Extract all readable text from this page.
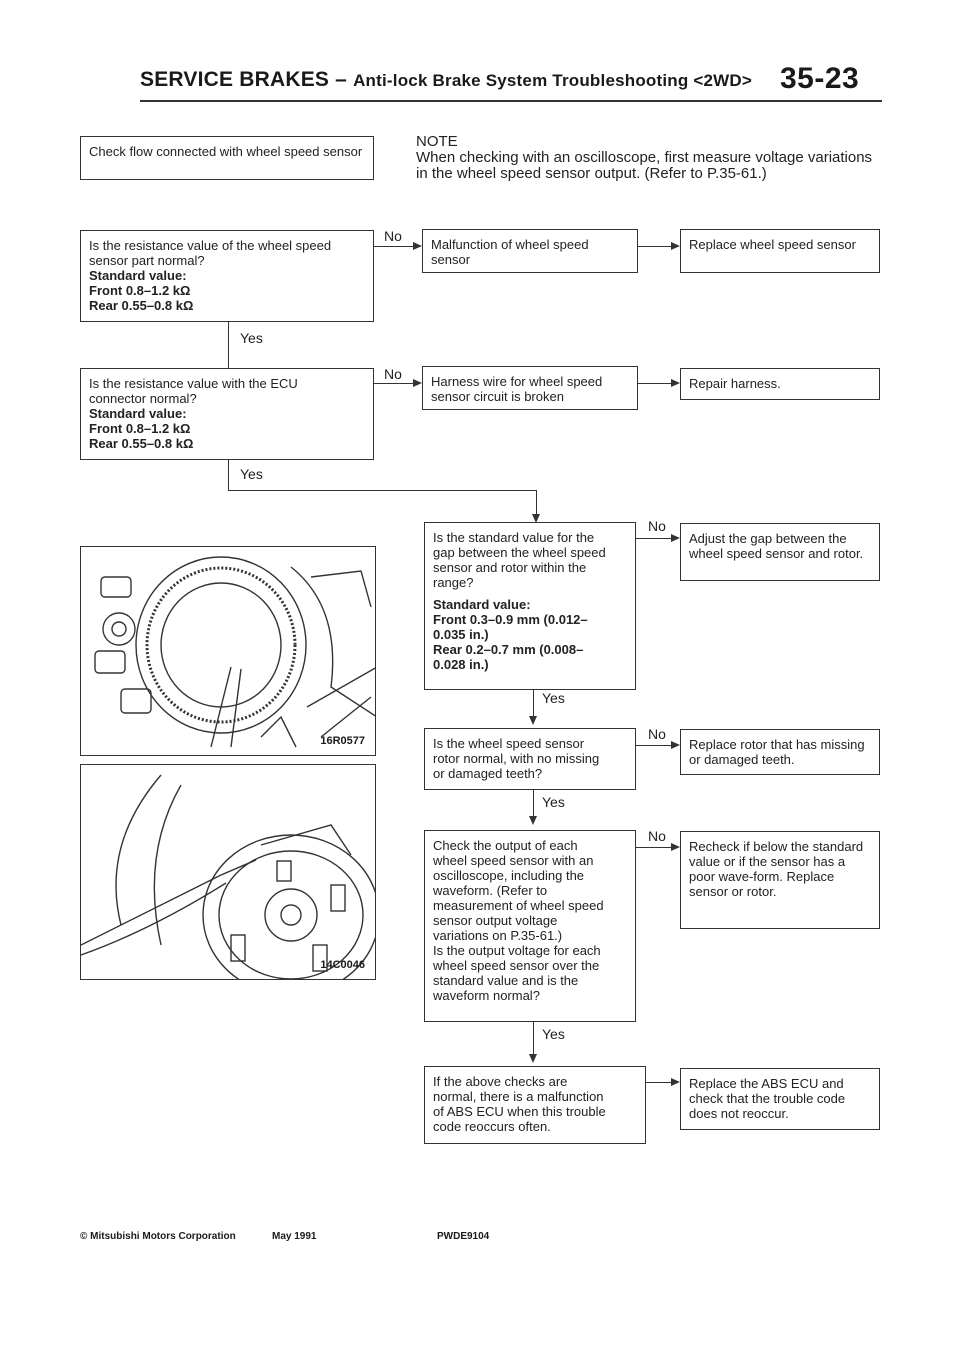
SERVICE BRAKES – Anti-lock Brake System Troubleshooting <2WD> 35-23
Check flow connected with wheel speed sensor
NOTE
When checking with an oscilloscope, first measure voltage variations in the wheel speed sensor output. (Refer to P.35-61.)
Is the resistance value of the wheel speed
sensor part normal?
Standard value:
Front 0.8–1.2 kΩ
Rear 0.55–0.8 kΩ
No
Malfunction of wheel speed sensor
Replace wheel speed sensor
Yes
Is the resistance value with the ECU
connector normal?
Standard value:
Front 0.8–1.2 kΩ
Rear 0.55–0.8 kΩ
No	Harness wire for wheel speed sensor circuit is broken
Repair harness.
Yes
16R0577
14C0046
Is the standard value for the
gap between the wheel speed
sensor and rotor within the
range?
Standard value:
Front 0.3–0.9 mm (0.012–
0.035 in.)
Rear 0.2–0.7 mm (0.008–
0.028 in.)
No
Adjust the gap between the wheel speed sensor and rotor.
Yes
Is the wheel speed sensor
rotor normal, with no missing
or damaged teeth?
No
Replace rotor that has missing or damaged teeth.
Yes
Check the output of each
wheel speed sensor with an
oscilloscope, including the
waveform. (Refer to
measurement of wheel speed
sensor output voltage
variations on P.35-61.)
Is the output voltage for each
wheel speed sensor over the
standard value and is the
waveform normal?
No
Recheck if below the standard value or if the sensor has a poor wave-form. Replace sensor or rotor.
Yes
If the above checks are
normal, there is a malfunction
of ABS ECU when this trouble
code reoccurs often.
Replace the ABS ECU and check that the trouble code does not reoccur.
© Mitsubishi Motors Corporation	May 1991	PWDE9104
